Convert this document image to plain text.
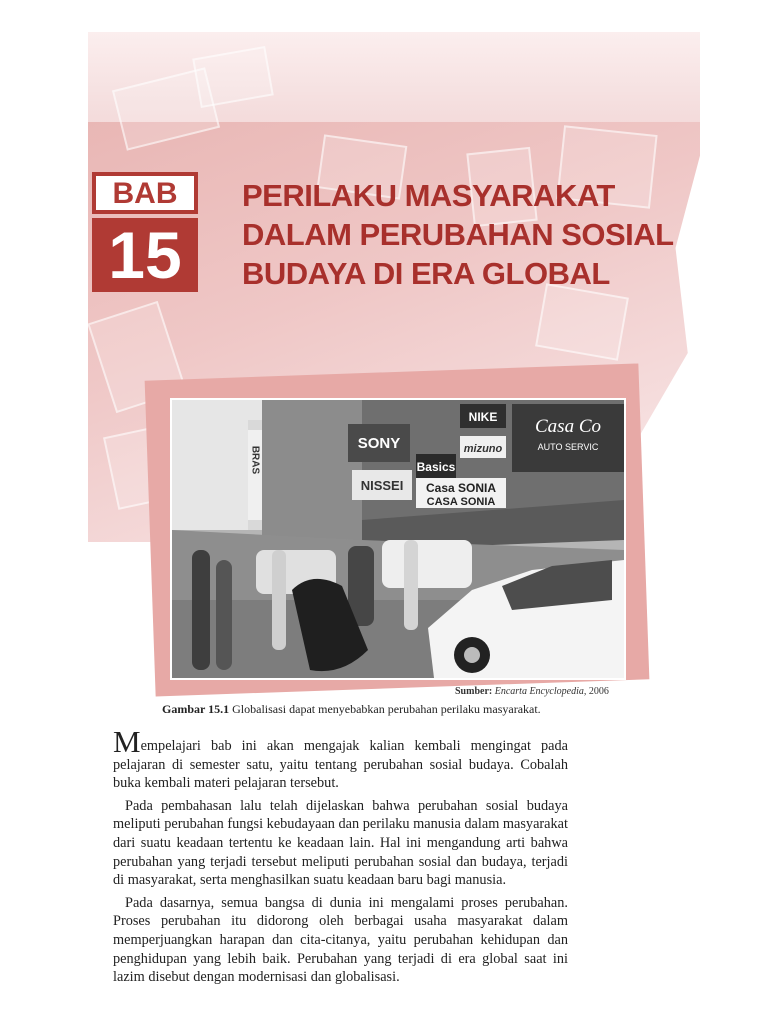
BAB
15
PERILAKU MASYARAKAT
DALAM PERUBAHAN SOSIAL
BUDAYA DI ERA GLOBAL
SONY
NIKE Casa Co
AUTO SERVIC
Basics
mizuno
NISSEI Casa SONIA
CASA SONIA
BRAS
Sumber: Encarta Encyclopedia, 2006
Gambar 15.1 Globalisasi dapat menyebabkan perubahan perilaku masyarakat.

Mempelajari bab ini akan mengajak kalian kembali mengingat pada pelajaran di semester satu, yaitu tentang perubahan sosial budaya. Cobalah buka kembali materi pelajaran tersebut.

Pada pembahasan lalu telah dijelaskan bahwa perubahan sosial budaya meliputi perubahan fungsi kebudayaan dan perilaku manusia dalam masyarakat dari suatu keadaan tertentu ke keadaan lain. Hal ini mengandung arti bahwa perubahan yang terjadi tersebut meliputi perubahan sosial dan budaya, terjadi di masyarakat, serta menghasilkan suatu keadaan baru bagi manusia.

Pada dasarnya, semua bangsa di dunia ini mengalami proses perubahan. Proses perubahan itu didorong oleh berbagai usaha masyarakat dalam memperjuangkan harapan dan cita-citanya, yaitu perubahan kehidupan dan penghidupan yang lebih baik. Perubahan yang terjadi di era global saat ini lazim disebut dengan modernisasi dan globalisasi.
